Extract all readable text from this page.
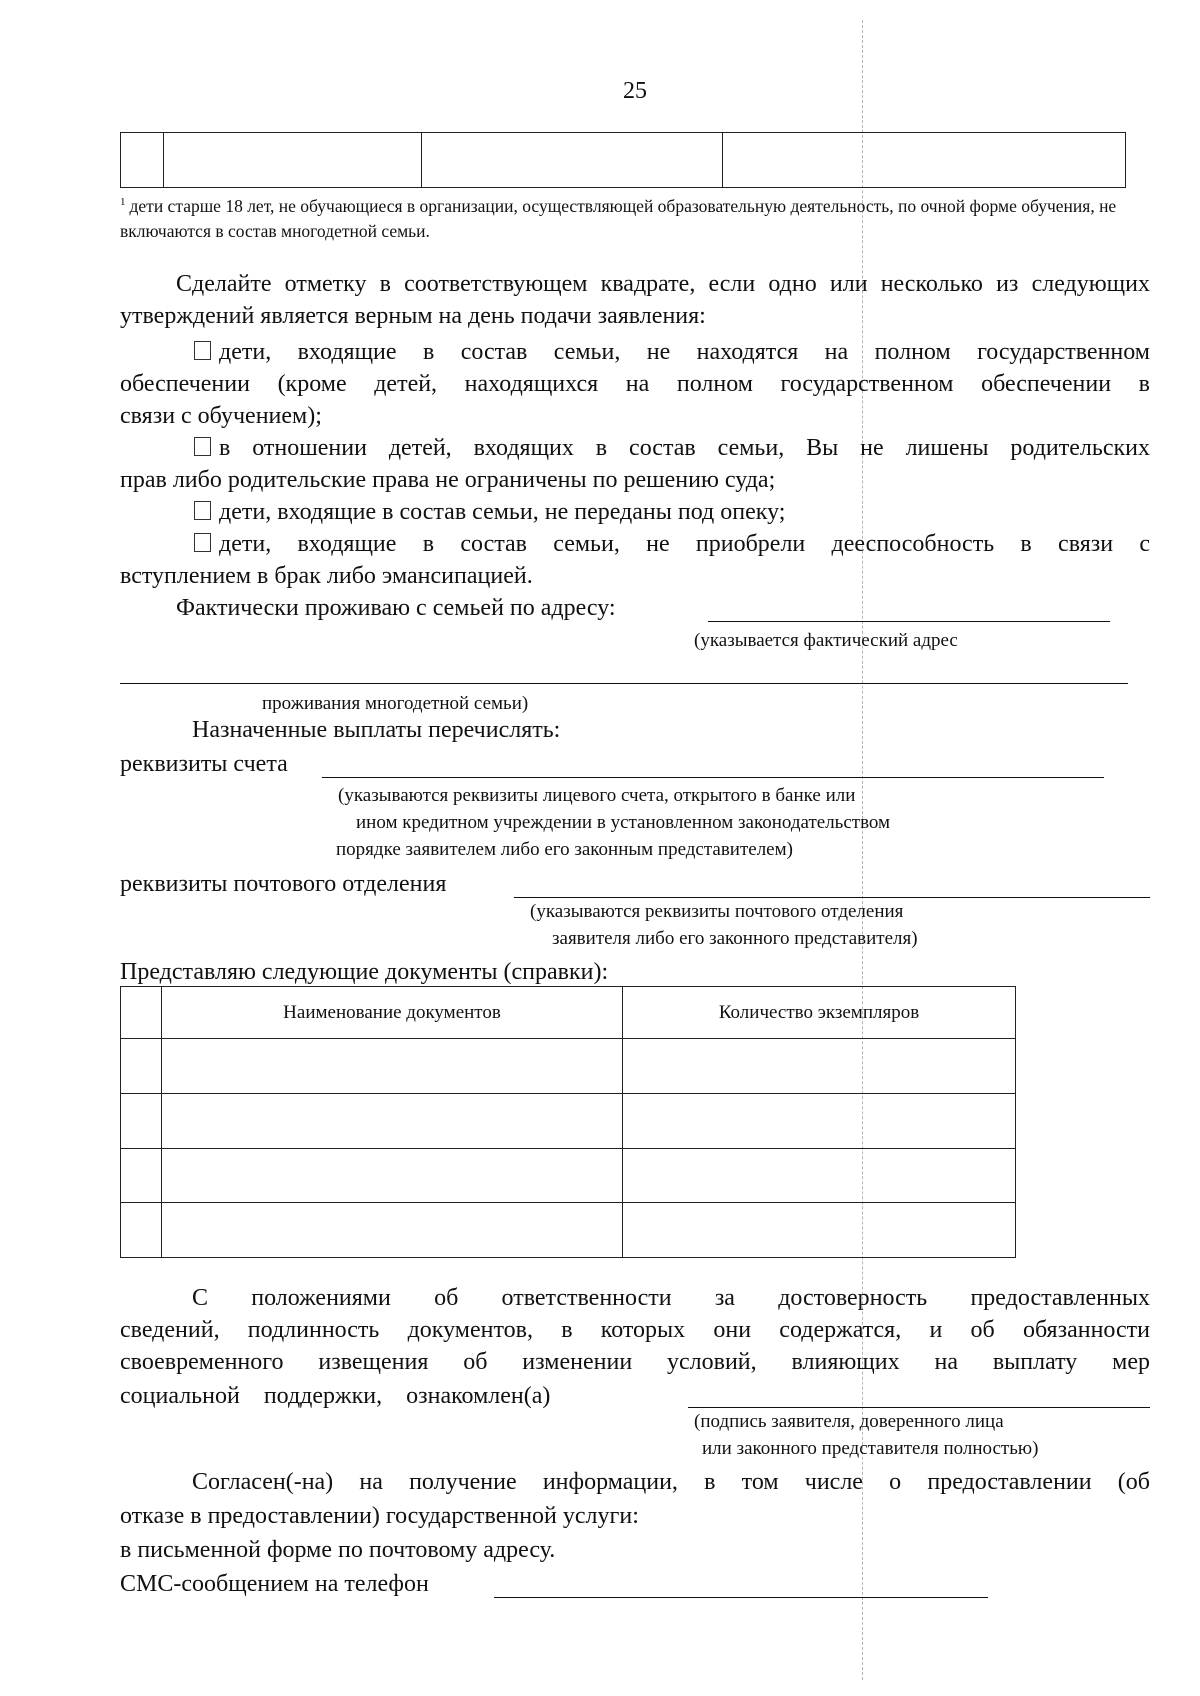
25

$^1$ дети старше 18 лет, не обучающиеся в организации, осуществляющей образовательную деятельность, по очной форме обучения, не включаются в состав многодетной семьи.
Сделайте отметку в соответствующем квадрате, если одно или несколько из следующих утверждений является верным на день подачи заявления:
дети, входящие в состав семьи, не находятся на полном государственном
обеспечении (кроме детей, находящихся на полном государственном обеспечении в
связи с обучением);
в отношении детей, входящих в состав семьи, Вы не лишены родительских
прав либо родительские права не ограничены по решению суда;
дети, входящие в состав семьи, не переданы под опеку;
дети, входящие в состав семьи, не приобрели дееспособность в связи с
вступлением в брак либо эмансипацией.
Фактически проживаю с семьей по адресу:
(указывается фактический адрес
проживания многодетной семьи)
Назначенные выплаты перечислять:
реквизиты счета
(указываются реквизиты лицевого счета, открытого в банке или
ином кредитном учреждении в установленном законодательством
порядке заявителем либо его законным представителем)
реквизиты почтового отделения
(указываются реквизиты почтового отделения
заявителя либо его законного представителя)
Представляю следующие документы (справки):
	Наименование документов	Количество экземпляров

С положениями об ответственности за достоверность предоставленных
сведений, подлинность документов, в которых они содержатся, и об обязанности
своевременного извещения об изменении условий, влияющих на выплату мер
социальной    поддержки,    ознакомлен(а)
(подпись заявителя, доверенного лица
или законного представителя полностью)
Согласен(-на) на получение информации, в том числе о предоставлении (об
отказе в предоставлении) государственной услуги:
в письменной форме по почтовому адресу.
СМС-сообщением на телефон
